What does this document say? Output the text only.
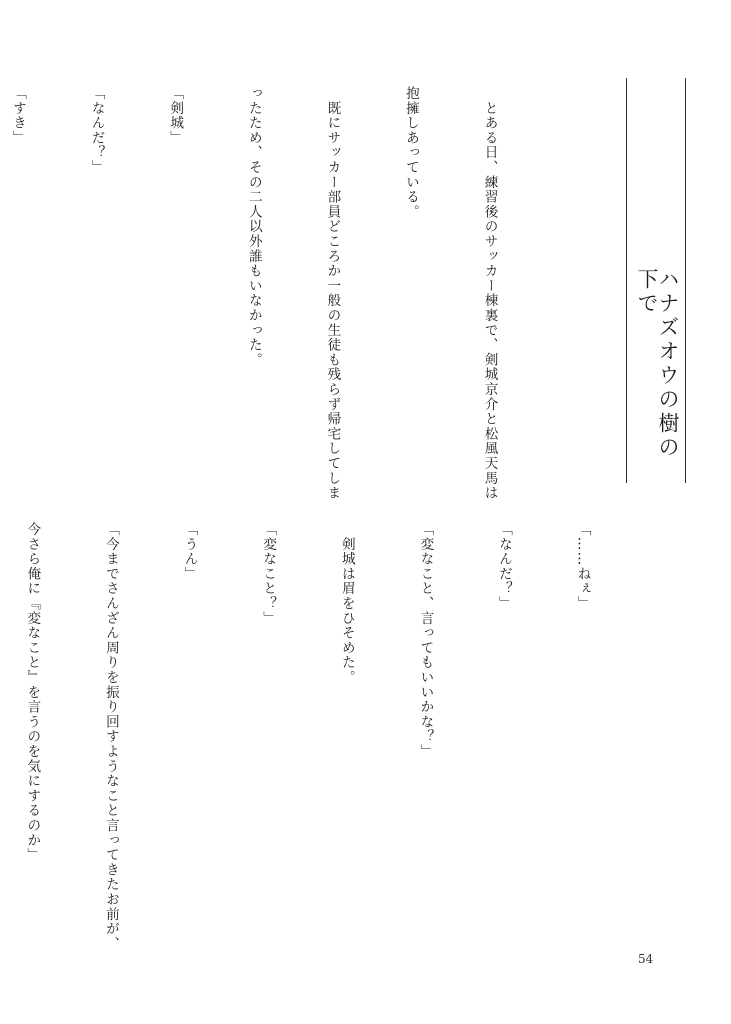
ハナズオウの樹の下で

　とある日、練習後のサッカー棟裏で、剣城京介と松風天馬は

抱擁しあっている。

　既にサッカー部員どころか一般の生徒も残らず帰宅してしま

ったため、その二人以外誰もいなかった。

「剣城」

「なんだ？」

「すき」

「……ねぇ」

「なんだ？」

「変なこと、言ってもいいかな？」

　剣城は眉をひそめた。

「変なこと？」

「うん」

「今までさんざん周りを振り回すようなこと言ってきたお前が、

今さら俺に『変なこと』を言うのを気にするのか」

54
